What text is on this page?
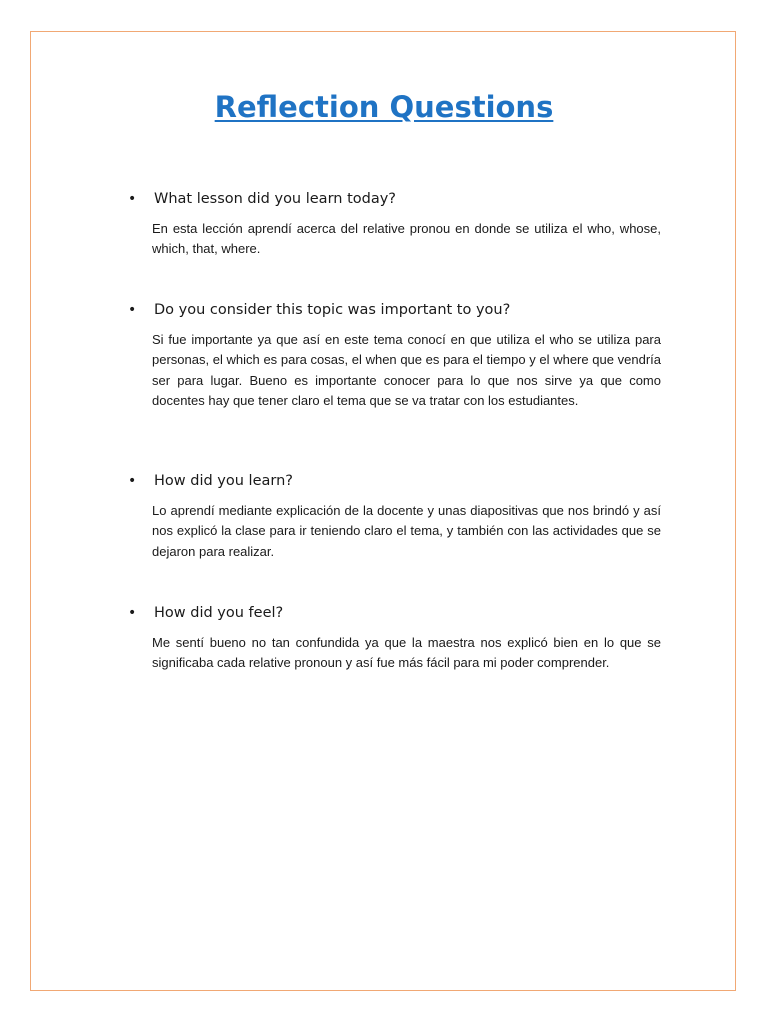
Reflection Questions
•	What lesson did you learn today?

En esta lección aprendí acerca del relative pronou en donde se utiliza el who, whose, which, that, where.

•	Do you consider this topic was important to you?

Si fue importante ya que así en este tema conocí en que utiliza el who se utiliza para personas, el which es para cosas, el when que es para el tiempo y el where que vendría ser para lugar. Bueno es importante conocer para lo que nos sirve ya que como docentes hay que tener claro el tema que se va tratar con los estudiantes.

•	How did you learn?

Lo aprendí mediante explicación de la docente y unas diapositivas que nos brindó y así nos explicó la clase para ir teniendo claro el tema, y también con las actividades que se dejaron para realizar.

•	How did you feel?

Me sentí bueno no tan confundida ya que la maestra nos explicó bien en lo que se significaba cada relative pronoun y así fue más fácil para mi poder comprender.
